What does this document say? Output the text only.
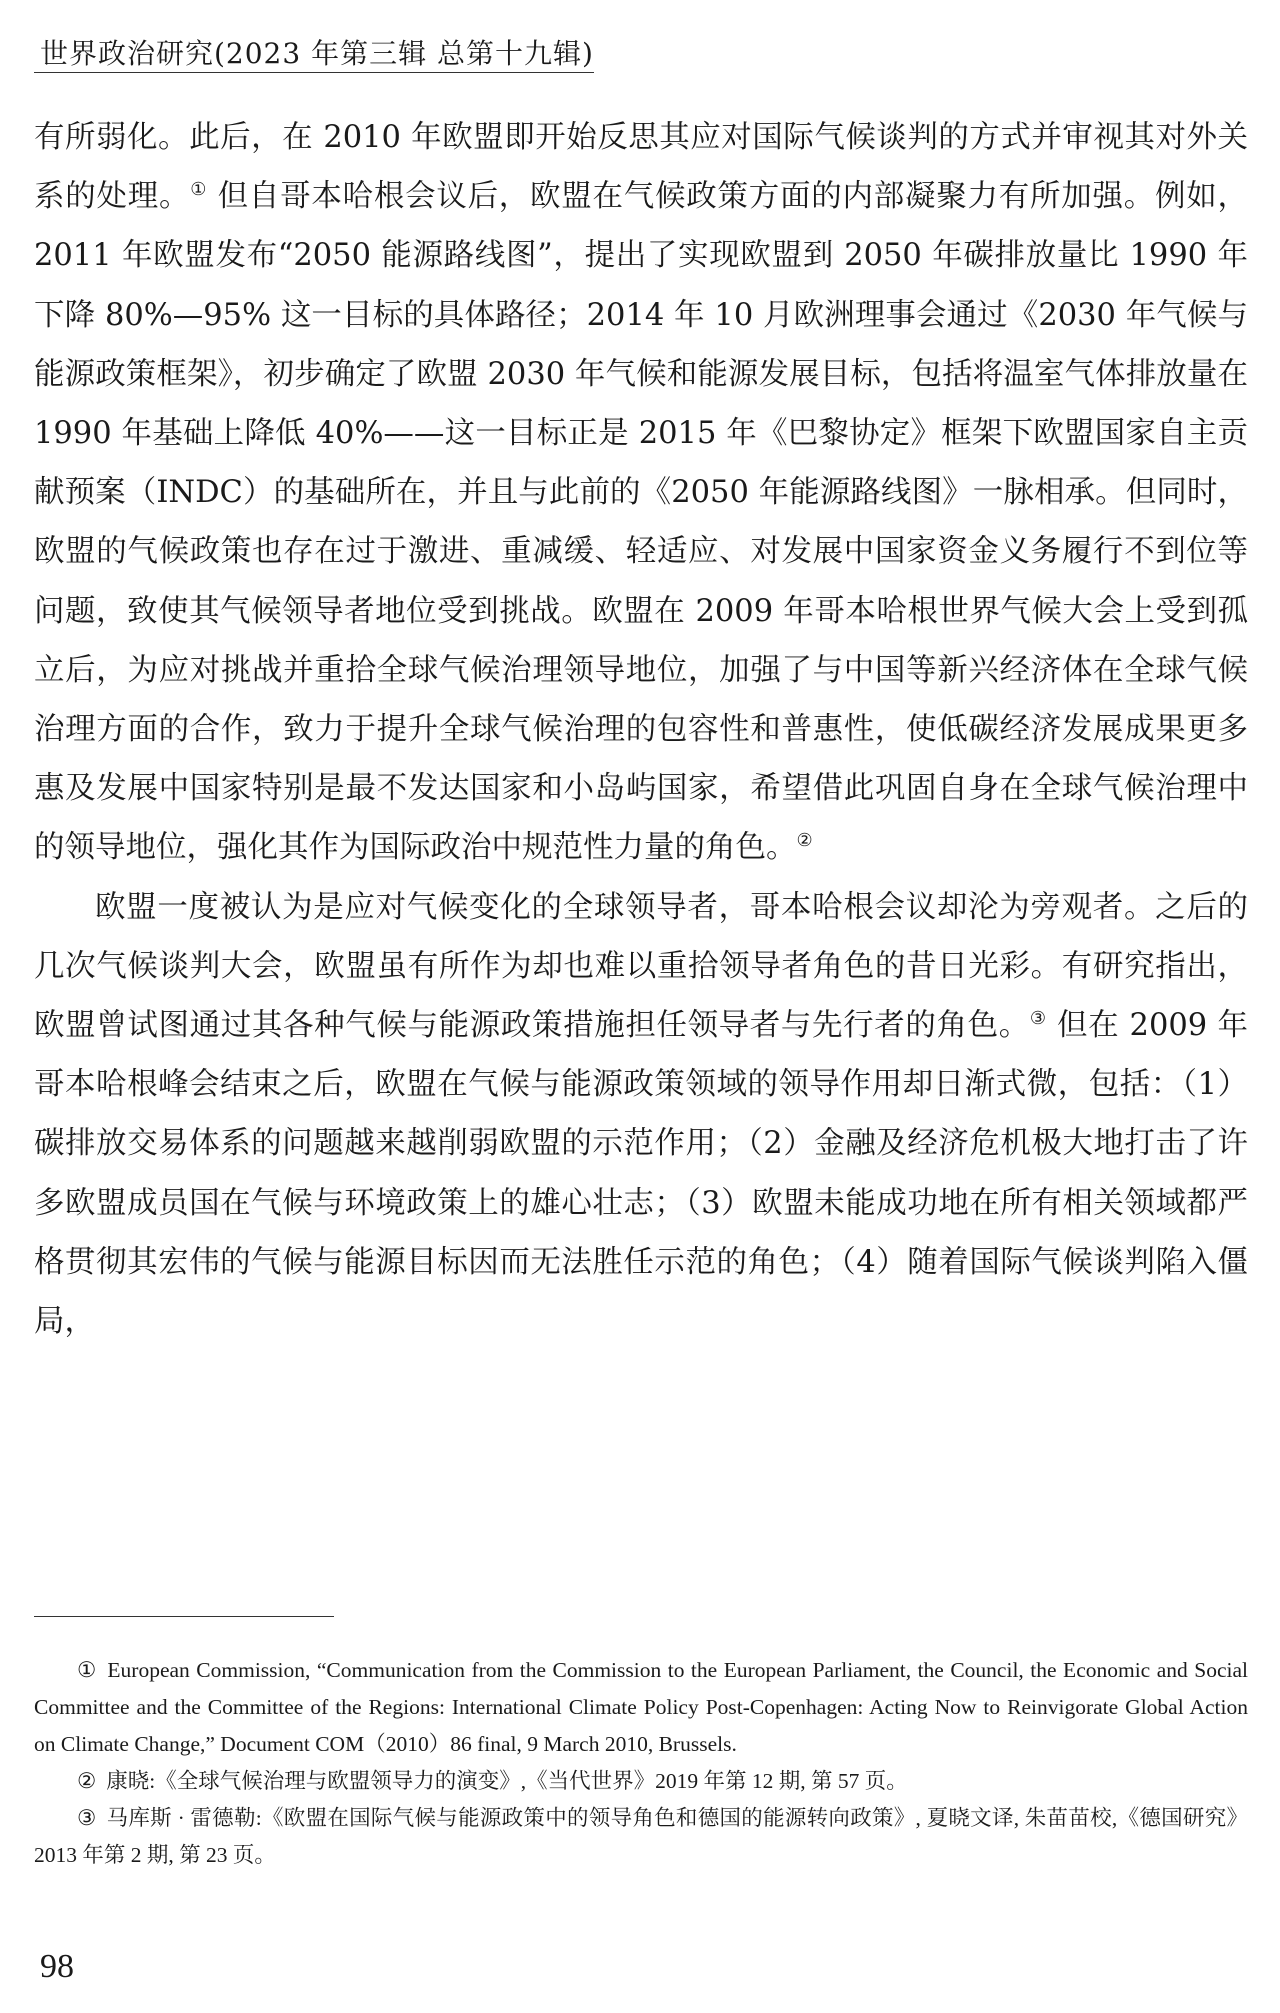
世界政治研究(2023 年第三辑 总第十九辑)

有所弱化。此后，在 2010 年欧盟即开始反思其应对国际气候谈判的方式并审视其对外关系的处理。① 但自哥本哈根会议后，欧盟在气候政策方面的内部凝聚力有所加强。例如，2011 年欧盟发布“2050 能源路线图”，提出了实现欧盟到 2050 年碳排放量比 1990 年下降 80%—95% 这一目标的具体路径；2014 年 10 月欧洲理事会通过《2030 年气候与能源政策框架》，初步确定了欧盟 2030 年气候和能源发展目标，包括将温室气体排放量在 1990 年基础上降低 40%——这一目标正是 2015 年《巴黎协定》框架下欧盟国家自主贡献预案（INDC）的基础所在，并且与此前的《2050 年能源路线图》一脉相承。但同时，欧盟的气候政策也存在过于激进、重减缓、轻适应、对发展中国家资金义务履行不到位等问题，致使其气候领导者地位受到挑战。欧盟在 2009 年哥本哈根世界气候大会上受到孤立后，为应对挑战并重拾全球气候治理领导地位，加强了与中国等新兴经济体在全球气候治理方面的合作，致力于提升全球气候治理的包容性和普惠性，使低碳经济发展成果更多惠及发展中国家特别是最不发达国家和小岛屿国家，希望借此巩固自身在全球气候治理中的领导地位，强化其作为国际政治中规范性力量的角色。②

欧盟一度被认为是应对气候变化的全球领导者，哥本哈根会议却沦为旁观者。之后的几次气候谈判大会，欧盟虽有所作为却也难以重拾领导者角色的昔日光彩。有研究指出，欧盟曾试图通过其各种气候与能源政策措施担任领导者与先行者的角色。③ 但在 2009 年哥本哈根峰会结束之后，欧盟在气候与能源政策领域的领导作用却日渐式微，包括：（1）碳排放交易体系的问题越来越削弱欧盟的示范作用；（2）金融及经济危机极大地打击了许多欧盟成员国在气候与环境政策上的雄心壮志；（3）欧盟未能成功地在所有相关领域都严格贯彻其宏伟的气候与能源目标因而无法胜任示范的角色；（4）随着国际气候谈判陷入僵局，

① European Commission, “Communication from the Commission to the European Parliament, the Council, the Economic and Social Committee and the Committee of the Regions: International Climate Policy Post-Copenhagen: Acting Now to Reinvigorate Global Action on Climate Change,” Document COM（2010）86 final, 9 March 2010, Brussels.

② 康晓:《全球气候治理与欧盟领导力的演变》,《当代世界》2019 年第 12 期, 第 57 页。

③ 马库斯 · 雷德勒:《欧盟在国际气候与能源政策中的领导角色和德国的能源转向政策》, 夏晓文译, 朱苗苗校,《德国研究》2013 年第 2 期, 第 23 页。

98
